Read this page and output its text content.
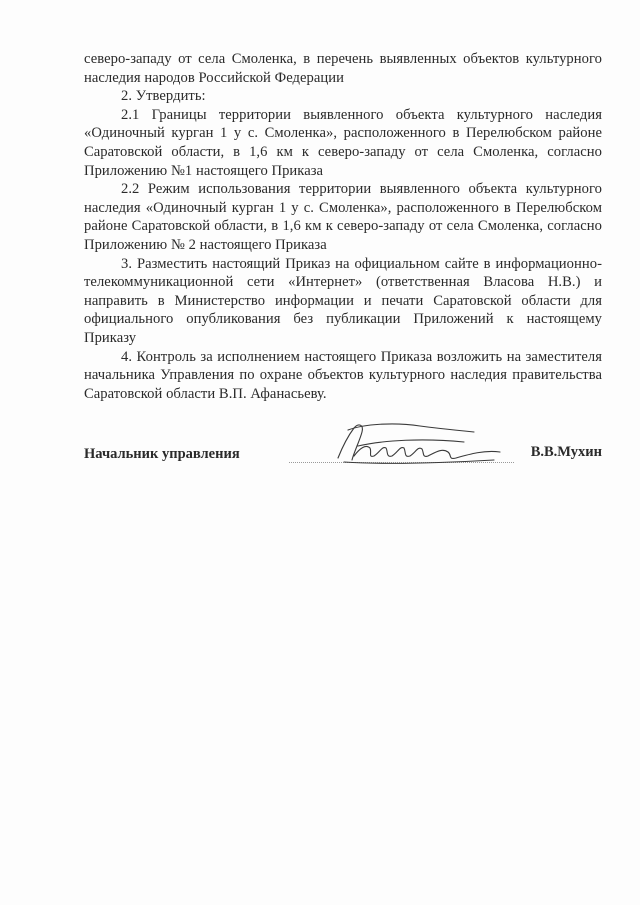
северо-западу от села Смоленка, в перечень выявленных объектов культурного наследия народов Российской Федерации

2. Утвердить:

2.1 Границы территории выявленного объекта культурного наследия «Одиночный курган 1 у с. Смоленка», расположенного в Перелюбском районе Саратовской области, в 1,6 км к северо-западу от села Смоленка, согласно Приложению №1 настоящего Приказа

2.2 Режим использования территории выявленного объекта культурного наследия «Одиночный курган 1 у с. Смоленка», расположенного в Перелюбском районе Саратовской области, в 1,6 км к северо-западу от села Смоленка, согласно Приложению № 2 настоящего Приказа

3. Разместить настоящий Приказ на официальном сайте в информационно-телекоммуникационной сети «Интернет» (ответственная Власова Н.В.) и направить в Министерство информации и печати Саратовской области для официального опубликования без публикации Приложений к настоящему Приказу

4. Контроль за исполнением настоящего Приказа возложить на заместителя начальника Управления по охране объектов культурного наследия правительства Саратовской области В.П. Афанасьеву.

Начальник управления	В.В.Мухин
